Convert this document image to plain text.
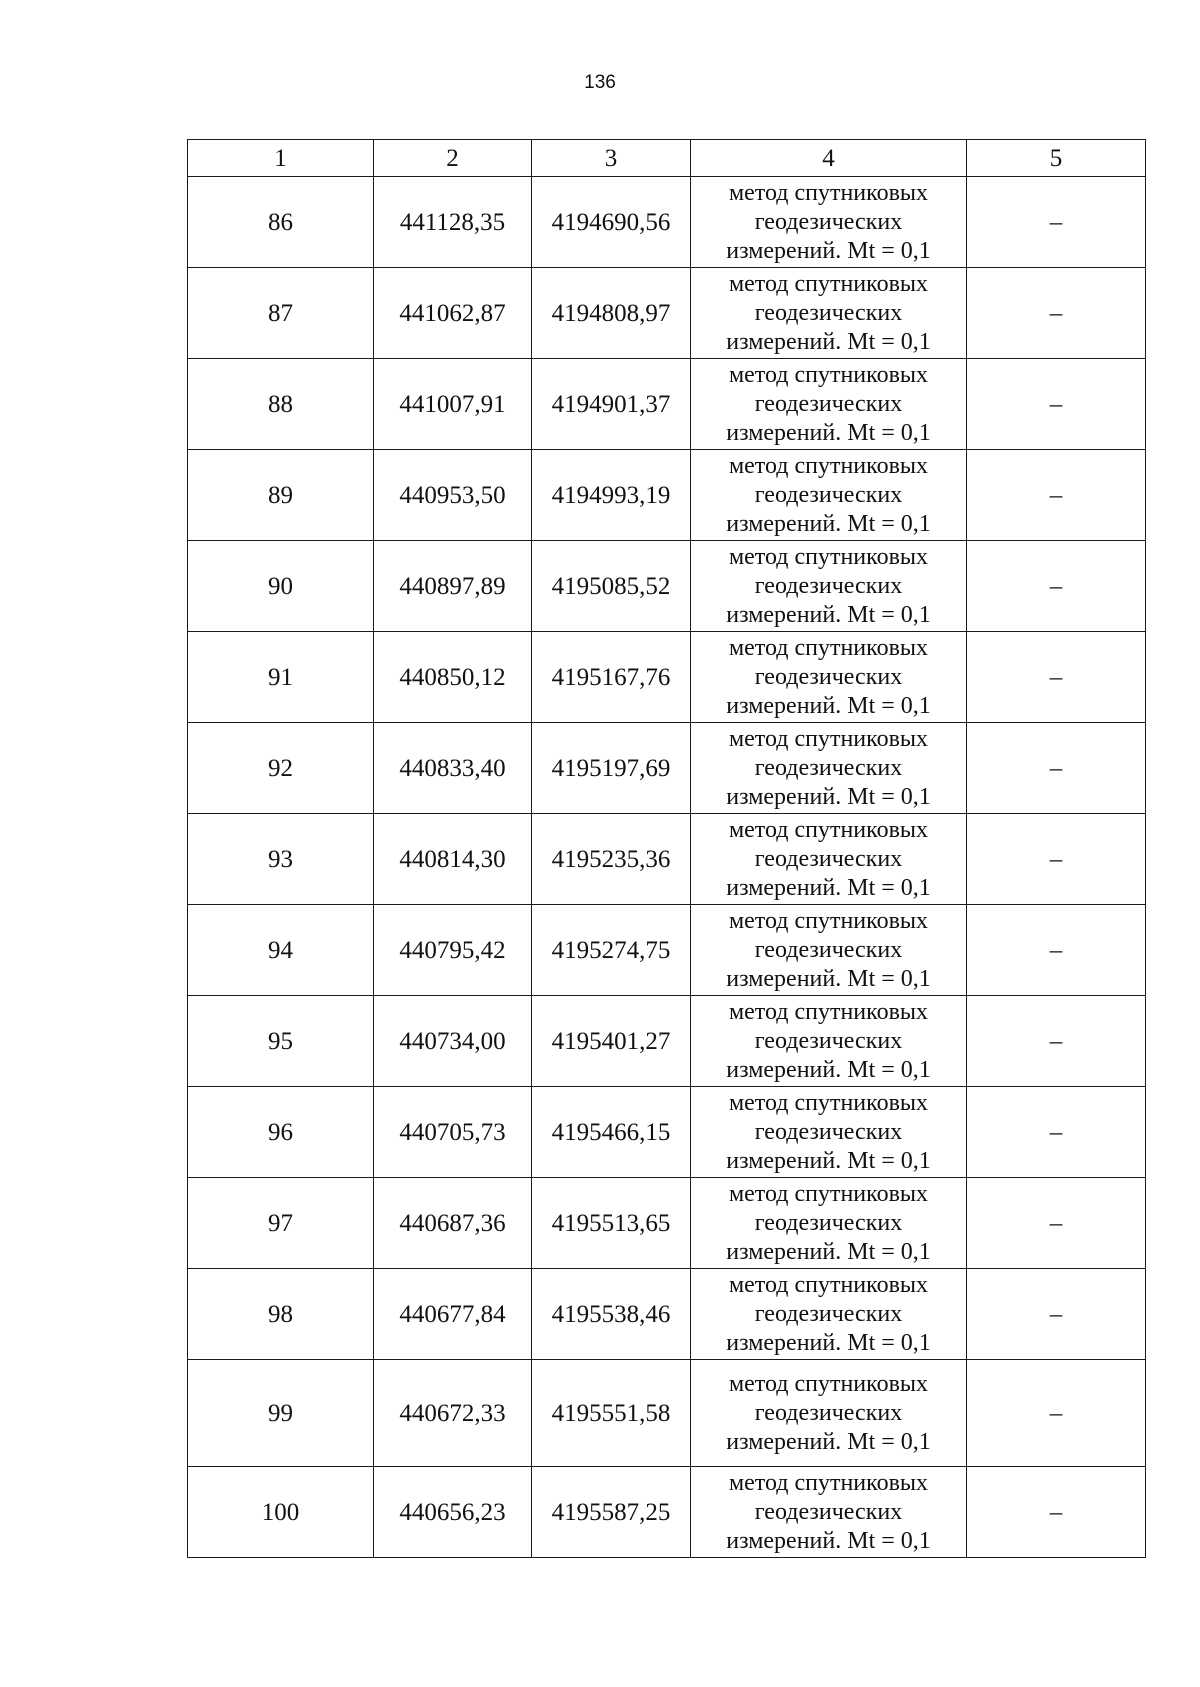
136
1	2	3	4	5
86	441128,35	4194690,56	метод спутниковых
геодезических
измерений. Mt = 0,1	–
87	441062,87	4194808,97	метод спутниковых
геодезических
измерений. Mt = 0,1	–
88	441007,91	4194901,37	метод спутниковых
геодезических
измерений. Mt = 0,1	–
89	440953,50	4194993,19	метод спутниковых
геодезических
измерений. Mt = 0,1	–
90	440897,89	4195085,52	метод спутниковых
геодезических
измерений. Mt = 0,1	–
91	440850,12	4195167,76	метод спутниковых
геодезических
измерений. Mt = 0,1	–
92	440833,40	4195197,69	метод спутниковых
геодезических
измерений. Mt = 0,1	–
93	440814,30	4195235,36	метод спутниковых
геодезических
измерений. Mt = 0,1	–
94	440795,42	4195274,75	метод спутниковых
геодезических
измерений. Mt = 0,1	–
95	440734,00	4195401,27	метод спутниковых
геодезических
измерений. Mt = 0,1	–
96	440705,73	4195466,15	метод спутниковых
геодезических
измерений. Mt = 0,1	–
97	440687,36	4195513,65	метод спутниковых
геодезических
измерений. Mt = 0,1	–
98	440677,84	4195538,46	метод спутниковых
геодезических
измерений. Mt = 0,1	–
99	440672,33	4195551,58	метод спутниковых
геодезических
измерений. Mt = 0,1	–
100	440656,23	4195587,25	метод спутниковых
геодезических
измерений. Mt = 0,1	–
